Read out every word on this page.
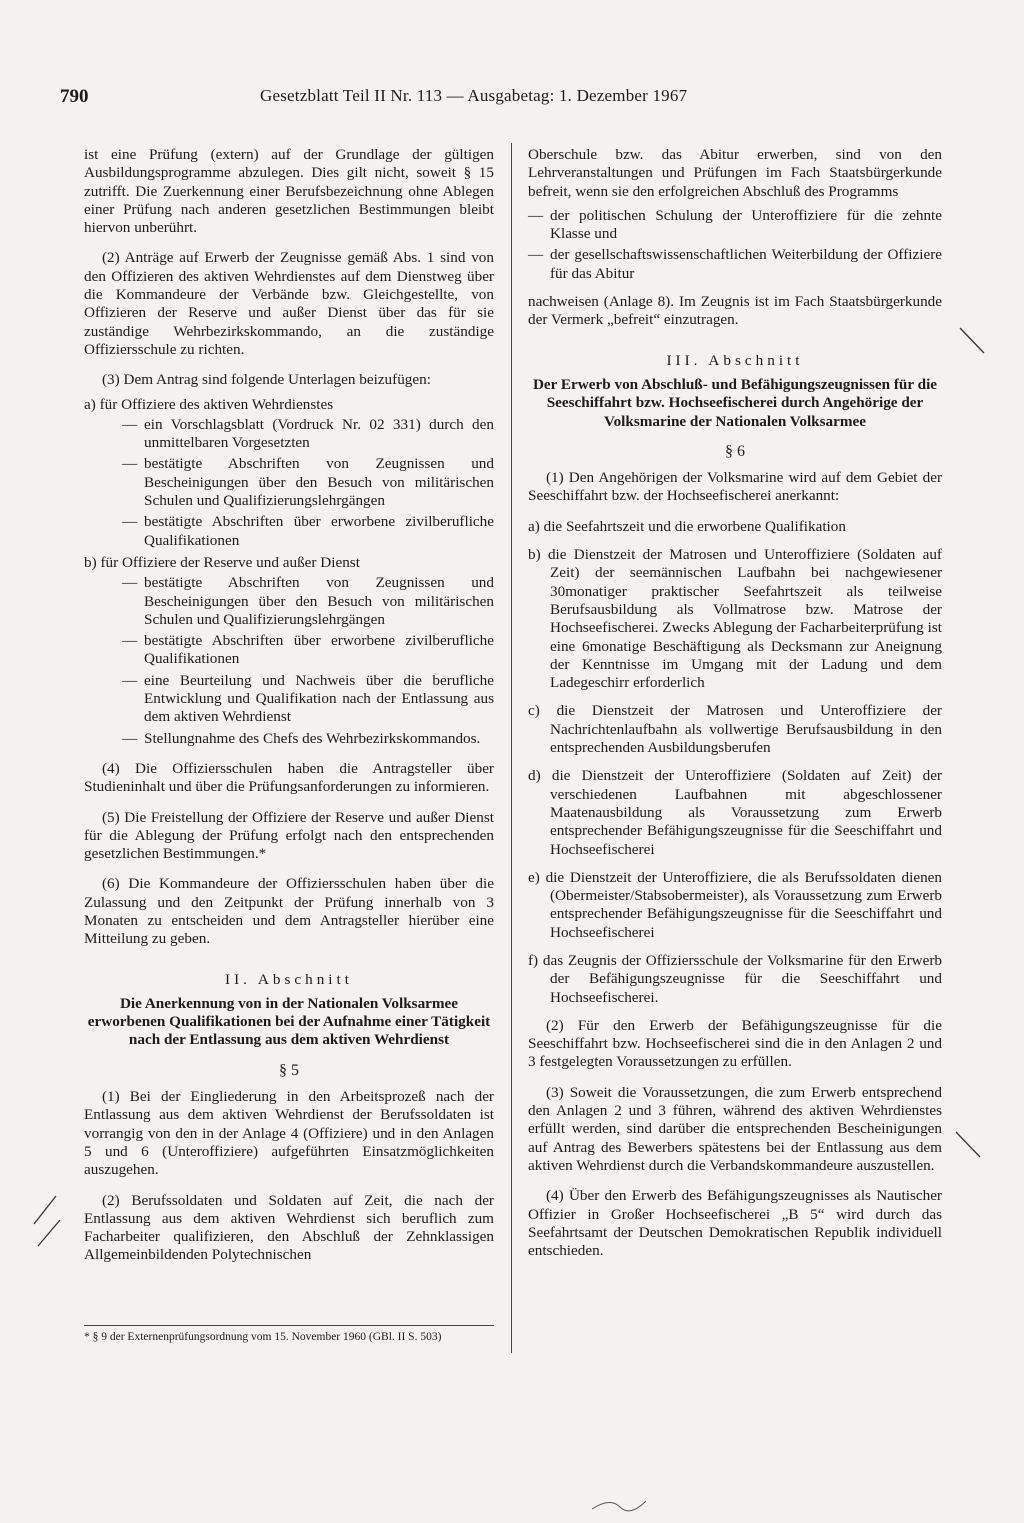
790	Gesetzblatt Teil II Nr. 113 — Ausgabetag: 1. Dezember 1967

ist eine Prüfung (extern) auf der Grundlage der gültigen Ausbildungsprogramme abzulegen. Dies gilt nicht, soweit § 15 zutrifft. Die Zuerkennung einer Berufsbezeichnung ohne Ablegen einer Prüfung nach anderen gesetzlichen Bestimmungen bleibt hiervon unberührt.

(2) Anträge auf Erwerb der Zeugnisse gemäß Abs. 1 sind von den Offizieren des aktiven Wehrdienstes auf dem Dienstweg über die Kommandeure der Verbände bzw. Gleichgestellte, von Offizieren der Reserve und außer Dienst über das für sie zuständige Wehrbezirkskommando, an die zuständige Offiziersschule zu richten.

(3) Dem Antrag sind folgende Unterlagen beizufügen:

a) für Offiziere des aktiven Wehrdienstes
— ein Vorschlagsblatt (Vordruck Nr. 02 331) durch den unmittelbaren Vorgesetzten
— bestätigte Abschriften von Zeugnissen und Bescheinigungen über den Besuch von militärischen Schulen und Qualifizierungslehrgängen
— bestätigte Abschriften über erworbene zivilberufliche Qualifikationen
b) für Offiziere der Reserve und außer Dienst
— bestätigte Abschriften von Zeugnissen und Bescheinigungen über den Besuch von militärischen Schulen und Qualifizierungslehrgängen
— bestätigte Abschriften über erworbene zivilberufliche Qualifikationen
— eine Beurteilung und Nachweis über die berufliche Entwicklung und Qualifikation nach der Entlassung aus dem aktiven Wehrdienst
— Stellungnahme des Chefs des Wehrbezirkskommandos.

(4) Die Offiziersschulen haben die Antragsteller über Studieninhalt und über die Prüfungsanforderungen zu informieren.

(5) Die Freistellung der Offiziere der Reserve und außer Dienst für die Ablegung der Prüfung erfolgt nach den entsprechenden gesetzlichen Bestimmungen.*

(6) Die Kommandeure der Offiziersschulen haben über die Zulassung und den Zeitpunkt der Prüfung innerhalb von 3 Monaten zu entscheiden und dem Antragsteller hierüber eine Mitteilung zu geben.

II. Abschnitt
Die Anerkennung von in der Nationalen Volksarmee erworbenen Qualifikationen bei der Aufnahme einer Tätigkeit nach der Entlassung aus dem aktiven Wehrdienst
§ 5

(1) Bei der Eingliederung in den Arbeitsprozeß nach der Entlassung aus dem aktiven Wehrdienst der Berufssoldaten ist vorrangig von den in der Anlage 4 (Offiziere) und in den Anlagen 5 und 6 (Unteroffiziere) aufgeführten Einsatzmöglichkeiten auszugehen.

(2) Berufssoldaten und Soldaten auf Zeit, die nach der Entlassung aus dem aktiven Wehrdienst sich beruflich zum Facharbeiter qualifizieren, den Abschluß der Zehnklassigen Allgemeinbildenden Polytechnischen

* § 9 der Externenprüfungsordnung vom 15. November 1960 (GBl. II S. 503)

Oberschule bzw. das Abitur erwerben, sind von den Lehrveranstaltungen und Prüfungen im Fach Staatsbürgerkunde befreit, wenn sie den erfolgreichen Abschluß des Programms

— der politischen Schulung der Unteroffiziere für die zehnte Klasse und
— der gesellschaftswissenschaftlichen Weiterbildung der Offiziere für das Abitur

nachweisen (Anlage 8). Im Zeugnis ist im Fach Staatsbürgerkunde der Vermerk „befreit“ einzutragen.

III. Abschnitt
Der Erwerb von Abschluß- und Befähigungszeugnissen für die Seeschiffahrt bzw. Hochseefischerei durch Angehörige der Volksmarine der Nationalen Volksarmee
§ 6

(1) Den Angehörigen der Volksmarine wird auf dem Gebiet der Seeschiffahrt bzw. der Hochseefischerei anerkannt:

a) die Seefahrtszeit und die erworbene Qualifikation
b) die Dienstzeit der Matrosen und Unteroffiziere (Soldaten auf Zeit) der seemännischen Laufbahn bei nachgewiesener 30monatiger praktischer Seefahrtszeit als teilweise Berufsausbildung als Vollmatrose bzw. Matrose der Hochseefischerei. Zwecks Ablegung der Facharbeiterprüfung ist eine 6monatige Beschäftigung als Decksmann zur Aneignung der Kenntnisse im Umgang mit der Ladung und dem Ladegeschirr erforderlich
c) die Dienstzeit der Matrosen und Unteroffiziere der Nachrichtenlaufbahn als vollwertige Berufsausbildung in den entsprechenden Ausbildungsberufen
d) die Dienstzeit der Unteroffiziere (Soldaten auf Zeit) der verschiedenen Laufbahnen mit abgeschlossener Maatenausbildung als Voraussetzung zum Erwerb entsprechender Befähigungszeugnisse für die Seeschiffahrt und Hochseefischerei
e) die Dienstzeit der Unteroffiziere, die als Berufssoldaten dienen (Obermeister/Stabsobermeister), als Voraussetzung zum Erwerb entsprechender Befähigungszeugnisse für die Seeschiffahrt und Hochseefischerei
f) das Zeugnis der Offiziersschule der Volksmarine für den Erwerb der Befähigungszeugnisse für die Seeschiffahrt und Hochseefischerei.

(2) Für den Erwerb der Befähigungszeugnisse für die Seeschiffahrt bzw. Hochseefischerei sind die in den Anlagen 2 und 3 festgelegten Voraussetzungen zu erfüllen.

(3) Soweit die Voraussetzungen, die zum Erwerb entsprechend den Anlagen 2 und 3 führen, während des aktiven Wehrdienstes erfüllt werden, sind darüber die entsprechenden Bescheinigungen auf Antrag des Bewerbers spätestens bei der Entlassung aus dem aktiven Wehrdienst durch die Verbandskommandeure auszustellen.

(4) Über den Erwerb des Befähigungszeugnisses als Nautischer Offizier in Großer Hochseefischerei „B 5“ wird durch das Seefahrtsamt der Deutschen Demokratischen Republik individuell entschieden.
